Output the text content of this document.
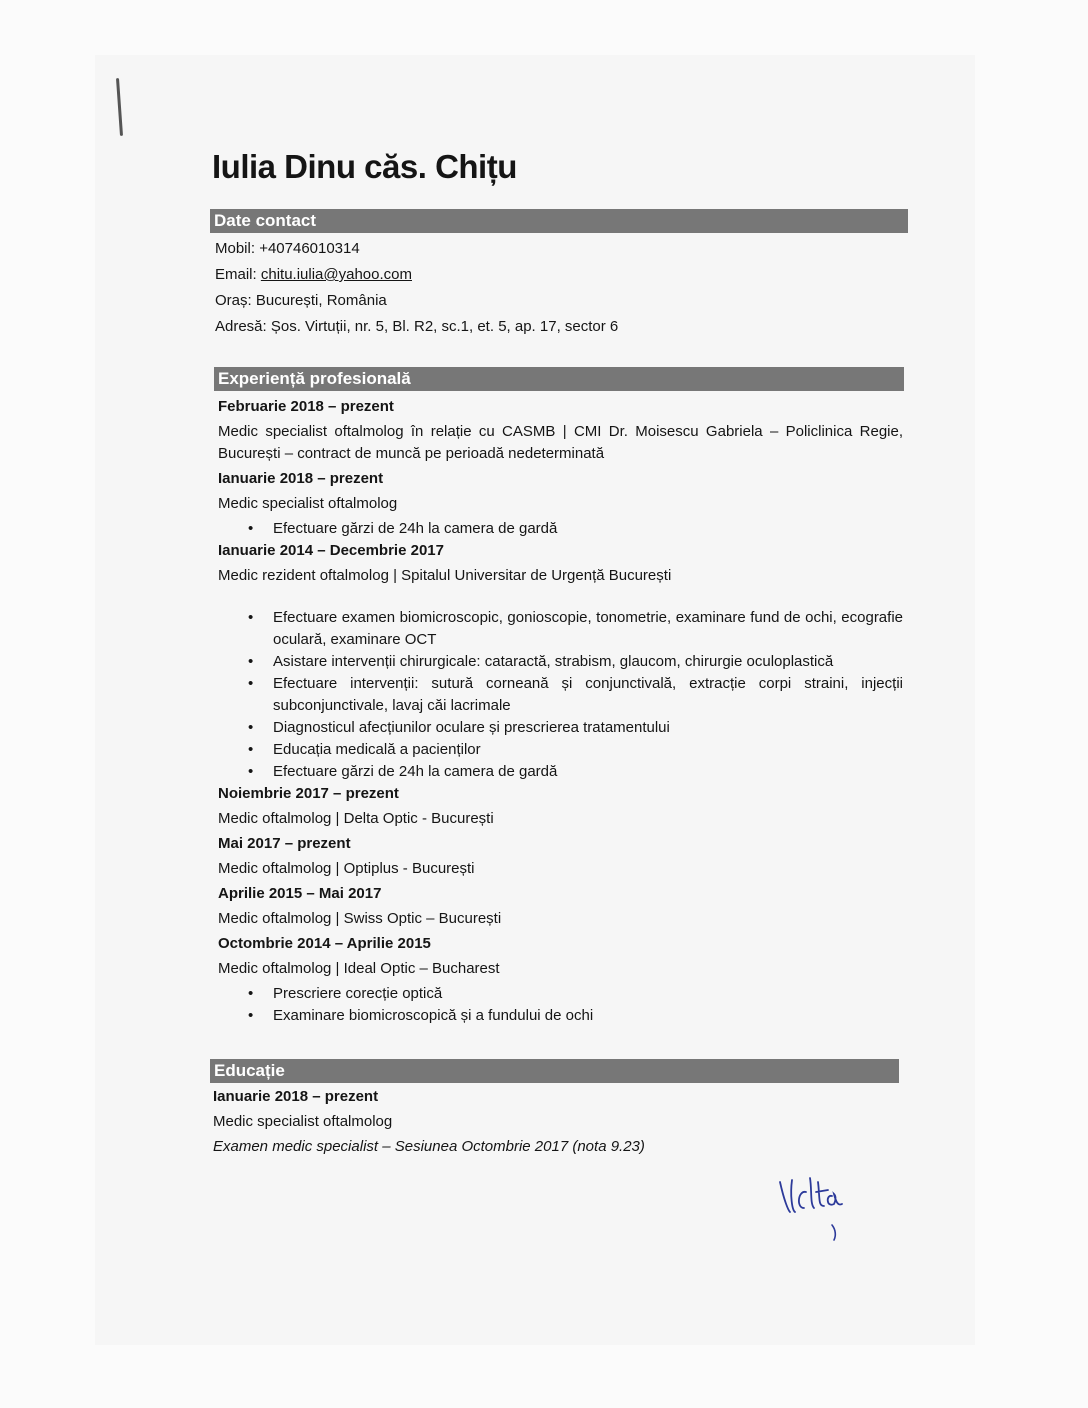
Iulia Dinu căs. Chițu
Date contact
Mobil: +40746010314
Email: chitu.iulia@yahoo.com
Oraș: București, România
Adresă: Șos. Virtuții, nr. 5, Bl. R2, sc.1, et. 5, ap. 17, sector 6
Experiență profesională
Februarie 2018 – prezent
Medic specialist oftalmolog în relație cu CASMB | CMI Dr. Moisescu Gabriela – Policlinica Regie, București – contract de muncă pe perioadă nedeterminată
Ianuarie 2018 – prezent
Medic specialist oftalmolog
• Efectuare gărzi de 24h la camera de gardă
Ianuarie 2014 – Decembrie 2017
Medic rezident oftalmolog | Spitalul Universitar de Urgență București
• Efectuare examen biomicroscopic, gonioscopie, tonometrie, examinare fund de ochi, ecografie oculară, examinare OCT
• Asistare intervenții chirurgicale: cataractă, strabism, glaucom, chirurgie oculoplastică
• Efectuare intervenții: sutură corneană și conjunctivală, extracție corpi straini, injecții subconjunctivale, lavaj căi lacrimale
• Diagnosticul afecțiunilor oculare și prescrierea tratamentului
• Educația medicală a pacienților
• Efectuare gărzi de 24h la camera de gardă
Noiembrie 2017 – prezent
Medic oftalmolog | Delta Optic - București
Mai 2017 – prezent
Medic oftalmolog | Optiplus - București
Aprilie 2015 – Mai 2017
Medic oftalmolog | Swiss Optic – București
Octombrie 2014 – Aprilie 2015
Medic oftalmolog | Ideal Optic – Bucharest
• Prescriere corecție optică
• Examinare biomicroscopică și a fundului de ochi
Educație
Ianuarie 2018 – prezent
Medic specialist oftalmolog
Examen medic specialist – Sesiunea Octombrie 2017 (nota 9.23)
